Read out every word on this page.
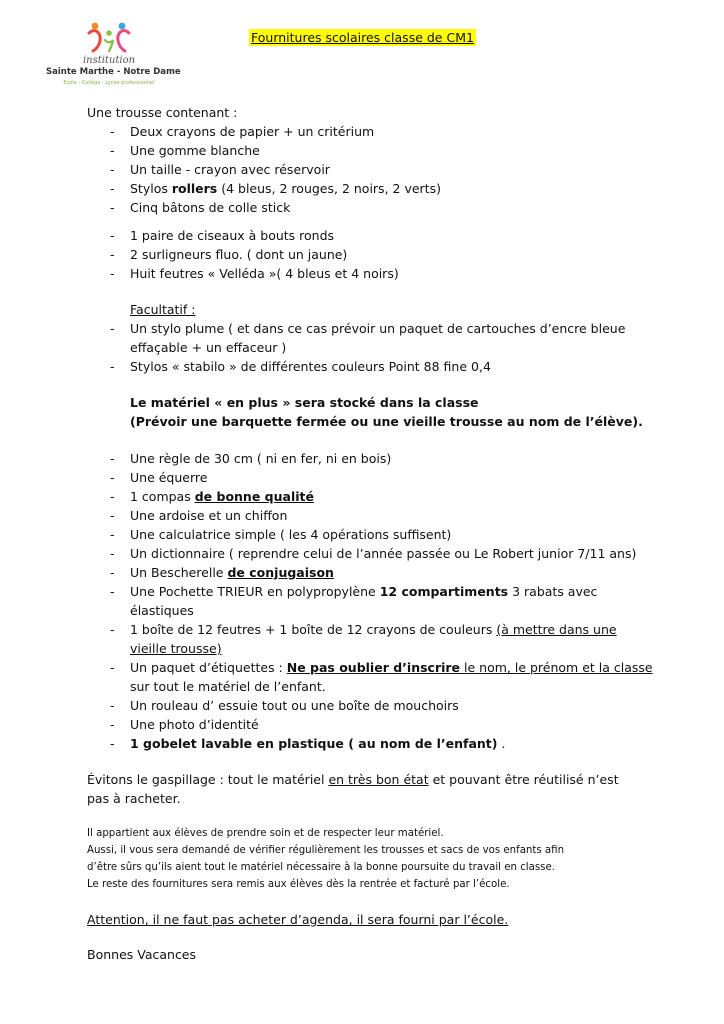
institution
Sainte Marthe - Notre Dame
Ecole - Collège - Lycée professionnel
Fournitures scolaires classe de CM1
Une trousse contenant :
- Deux crayons de papier + un critérium
- Une gomme blanche
- Un taille - crayon avec réservoir
- Stylos rollers (4 bleus, 2 rouges, 2 noirs, 2 verts)
- Cinq bâtons de colle stick
- 1 paire de ciseaux à bouts ronds
- 2 surligneurs fluo. ( dont un jaune)
- Huit feutres « Velléda »( 4 bleus et 4 noirs)
Facultatif :
- Un stylo plume ( et dans ce cas prévoir un paquet de cartouches d’encre bleue
effaçable + un effaceur )
- Stylos « stabilo » de différentes couleurs Point 88 fine 0,4
Le matériel « en plus » sera stocké dans la classe
(Prévoir une barquette fermée ou une vieille trousse au nom de l’élève).
- Une règle de 30 cm ( ni en fer, ni en bois)
- Une équerre
- 1 compas de bonne qualité
- Une ardoise et un chiffon
- Une calculatrice simple ( les 4 opérations suffisent)
- Un dictionnaire ( reprendre celui de l’année passée ou Le Robert junior 7/11 ans)
- Un Bescherelle de conjugaison
- Une Pochette TRIEUR en polypropylène 12 compartiments 3 rabats avec
élastiques
- 1 boîte de 12 feutres + 1 boîte de 12 crayons de couleurs (à mettre dans une
vieille trousse)
- Un paquet d’étiquettes : Ne pas oublier d’inscrire le nom, le prénom et la classe
sur tout le matériel de l’enfant.
- Un rouleau d’ essuie tout ou une boîte de mouchoirs
- Une photo d’identité
- 1 gobelet lavable en plastique ( au nom de l’enfant) .
Évitons le gaspillage : tout le matériel en très bon état et pouvant être réutilisé n’est
pas à racheter.
Il appartient aux élèves de prendre soin et de respecter leur matériel.
Aussi, il vous sera demandé de vérifier régulièrement les trousses et sacs de vos enfants afin
d’être sûrs qu’ils aient tout le matériel nécessaire à la bonne poursuite du travail en classe.
Le reste des fournitures sera remis aux élèves dès la rentrée et facturé par l’école.
Attention, il ne faut pas acheter d’agenda, il sera fourni par l’école.
Bonnes Vacances
